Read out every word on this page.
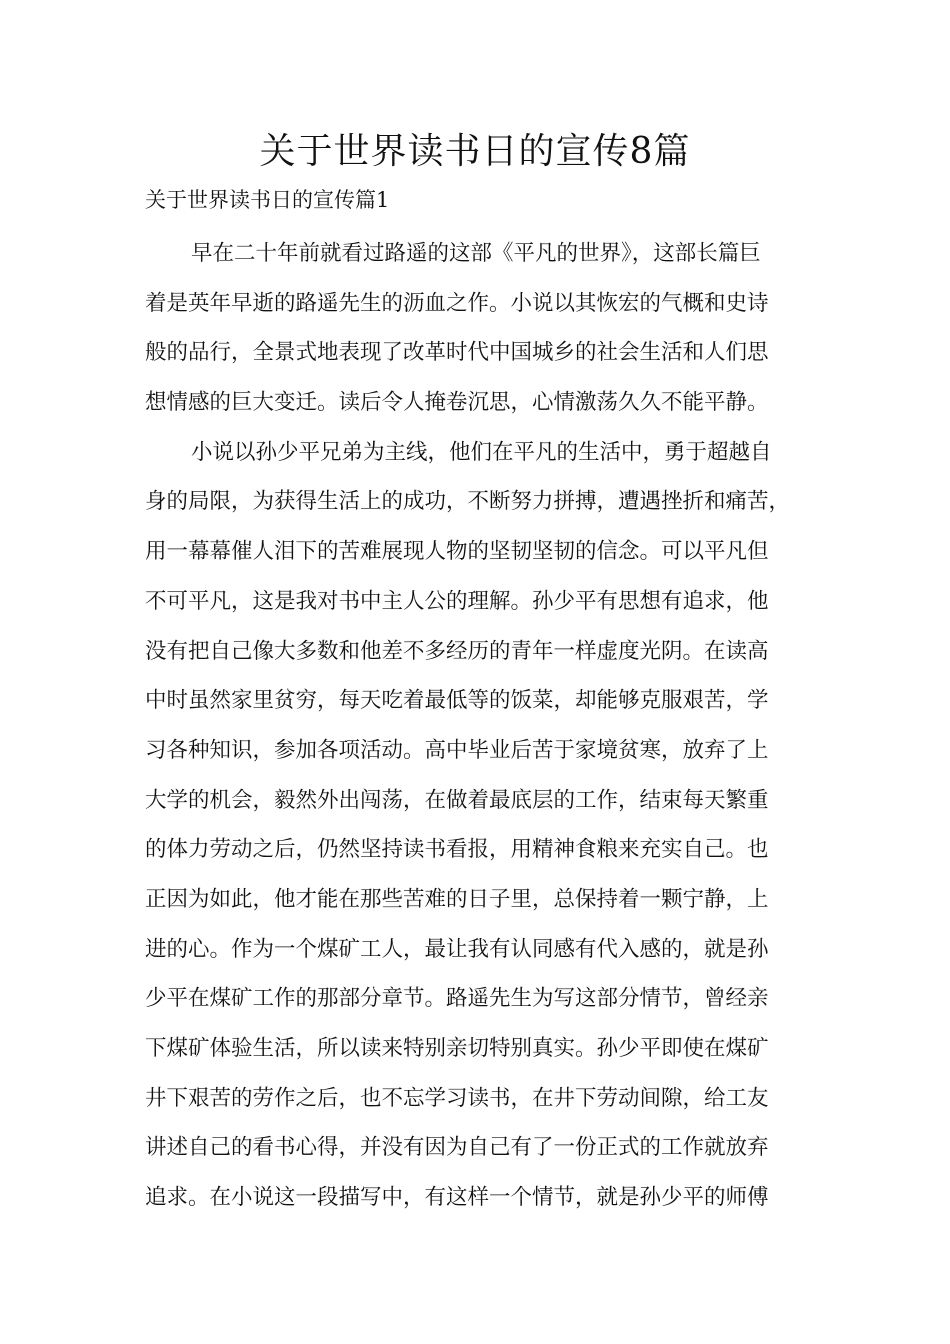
关于世界读书日的宣传8篇
关于世界读书日的宣传篇1
早在二十年前就看过路遥的这部《平凡的世界》，这部长篇巨
着是英年早逝的路遥先生的沥血之作。小说以其恢宏的气概和史诗
般的品行，全景式地表现了改革时代中国城乡的社会生活和人们思
想情感的巨大变迁。读后令人掩卷沉思，心情激荡久久不能平静。
小说以孙少平兄弟为主线，他们在平凡的生活中，勇于超越自
身的局限，为获得生活上的成功，不断努力拼搏，遭遇挫折和痛苦，
用一幕幕催人泪下的苦难展现人物的坚韧坚韧的信念。可以平凡但
不可平凡，这是我对书中主人公的理解。孙少平有思想有追求，他
没有把自己像大多数和他差不多经历的青年一样虚度光阴。在读高
中时虽然家里贫穷，每天吃着最低等的饭菜，却能够克服艰苦，学
习各种知识，参加各项活动。高中毕业后苦于家境贫寒，放弃了上
大学的机会，毅然外出闯荡，在做着最底层的工作，结束每天繁重
的体力劳动之后，仍然坚持读书看报，用精神食粮来充实自己。也
正因为如此，他才能在那些苦难的日子里，总保持着一颗宁静，上
进的心。作为一个煤矿工人，最让我有认同感有代入感的，就是孙
少平在煤矿工作的那部分章节。路遥先生为写这部分情节，曾经亲
下煤矿体验生活，所以读来特别亲切特别真实。孙少平即使在煤矿
井下艰苦的劳作之后，也不忘学习读书，在井下劳动间隙，给工友
讲述自己的看书心得，并没有因为自己有了一份正式的工作就放弃
追求。在小说这一段描写中，有这样一个情节，就是孙少平的师傅
